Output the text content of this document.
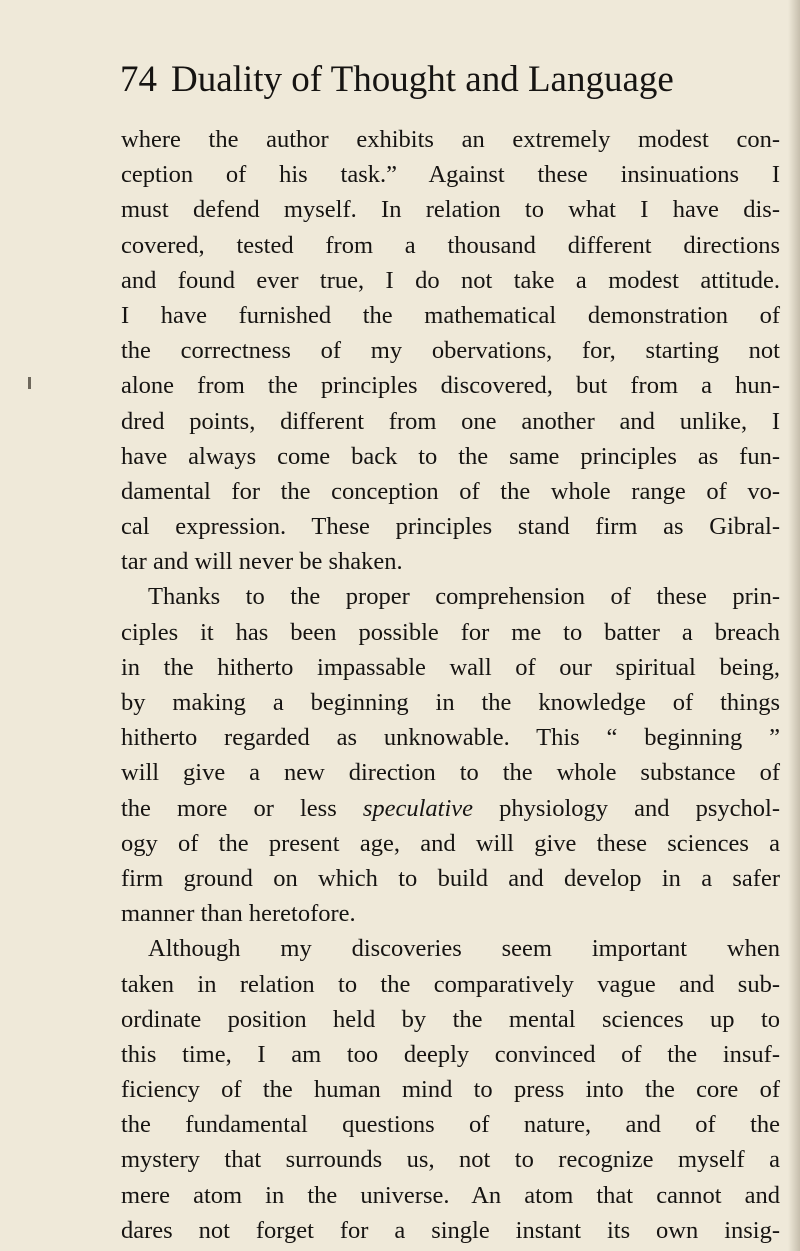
74 Duality of Thought and Language
where the author exhibits an extremely modest con-
ception of his task.” Against these insinuations I
must defend myself. In relation to what I have dis-
covered, tested from a thousand different directions
and found ever true, I do not take a modest attitude.
I have furnished the mathematical demonstration of
the correctness of my obervations, for, starting not
alone from the principles discovered, but from a hun-
dred points, different from one another and unlike, I
have always come back to the same principles as fun-
damental for the conception of the whole range of vo-
cal expression. These principles stand firm as Gibral-
tar and will never be shaken.
Thanks to the proper comprehension of these prin-
ciples it has been possible for me to batter a breach
in the hitherto impassable wall of our spiritual being,
by making a beginning in the knowledge of things
hitherto regarded as unknowable. This “ beginning ”
will give a new direction to the whole substance of
the more or less speculative physiology and psychol-
ogy of the present age, and will give these sciences a
firm ground on which to build and develop in a safer
manner than heretofore.
Although my discoveries seem important when
taken in relation to the comparatively vague and sub-
ordinate position held by the mental sciences up to
this time, I am too deeply convinced of the insuf-
ficiency of the human mind to press into the core of
the fundamental questions of nature, and of the
mystery that surrounds us, not to recognize myself a
mere atom in the universe. An atom that cannot and
dares not forget for a single instant its own insig-
